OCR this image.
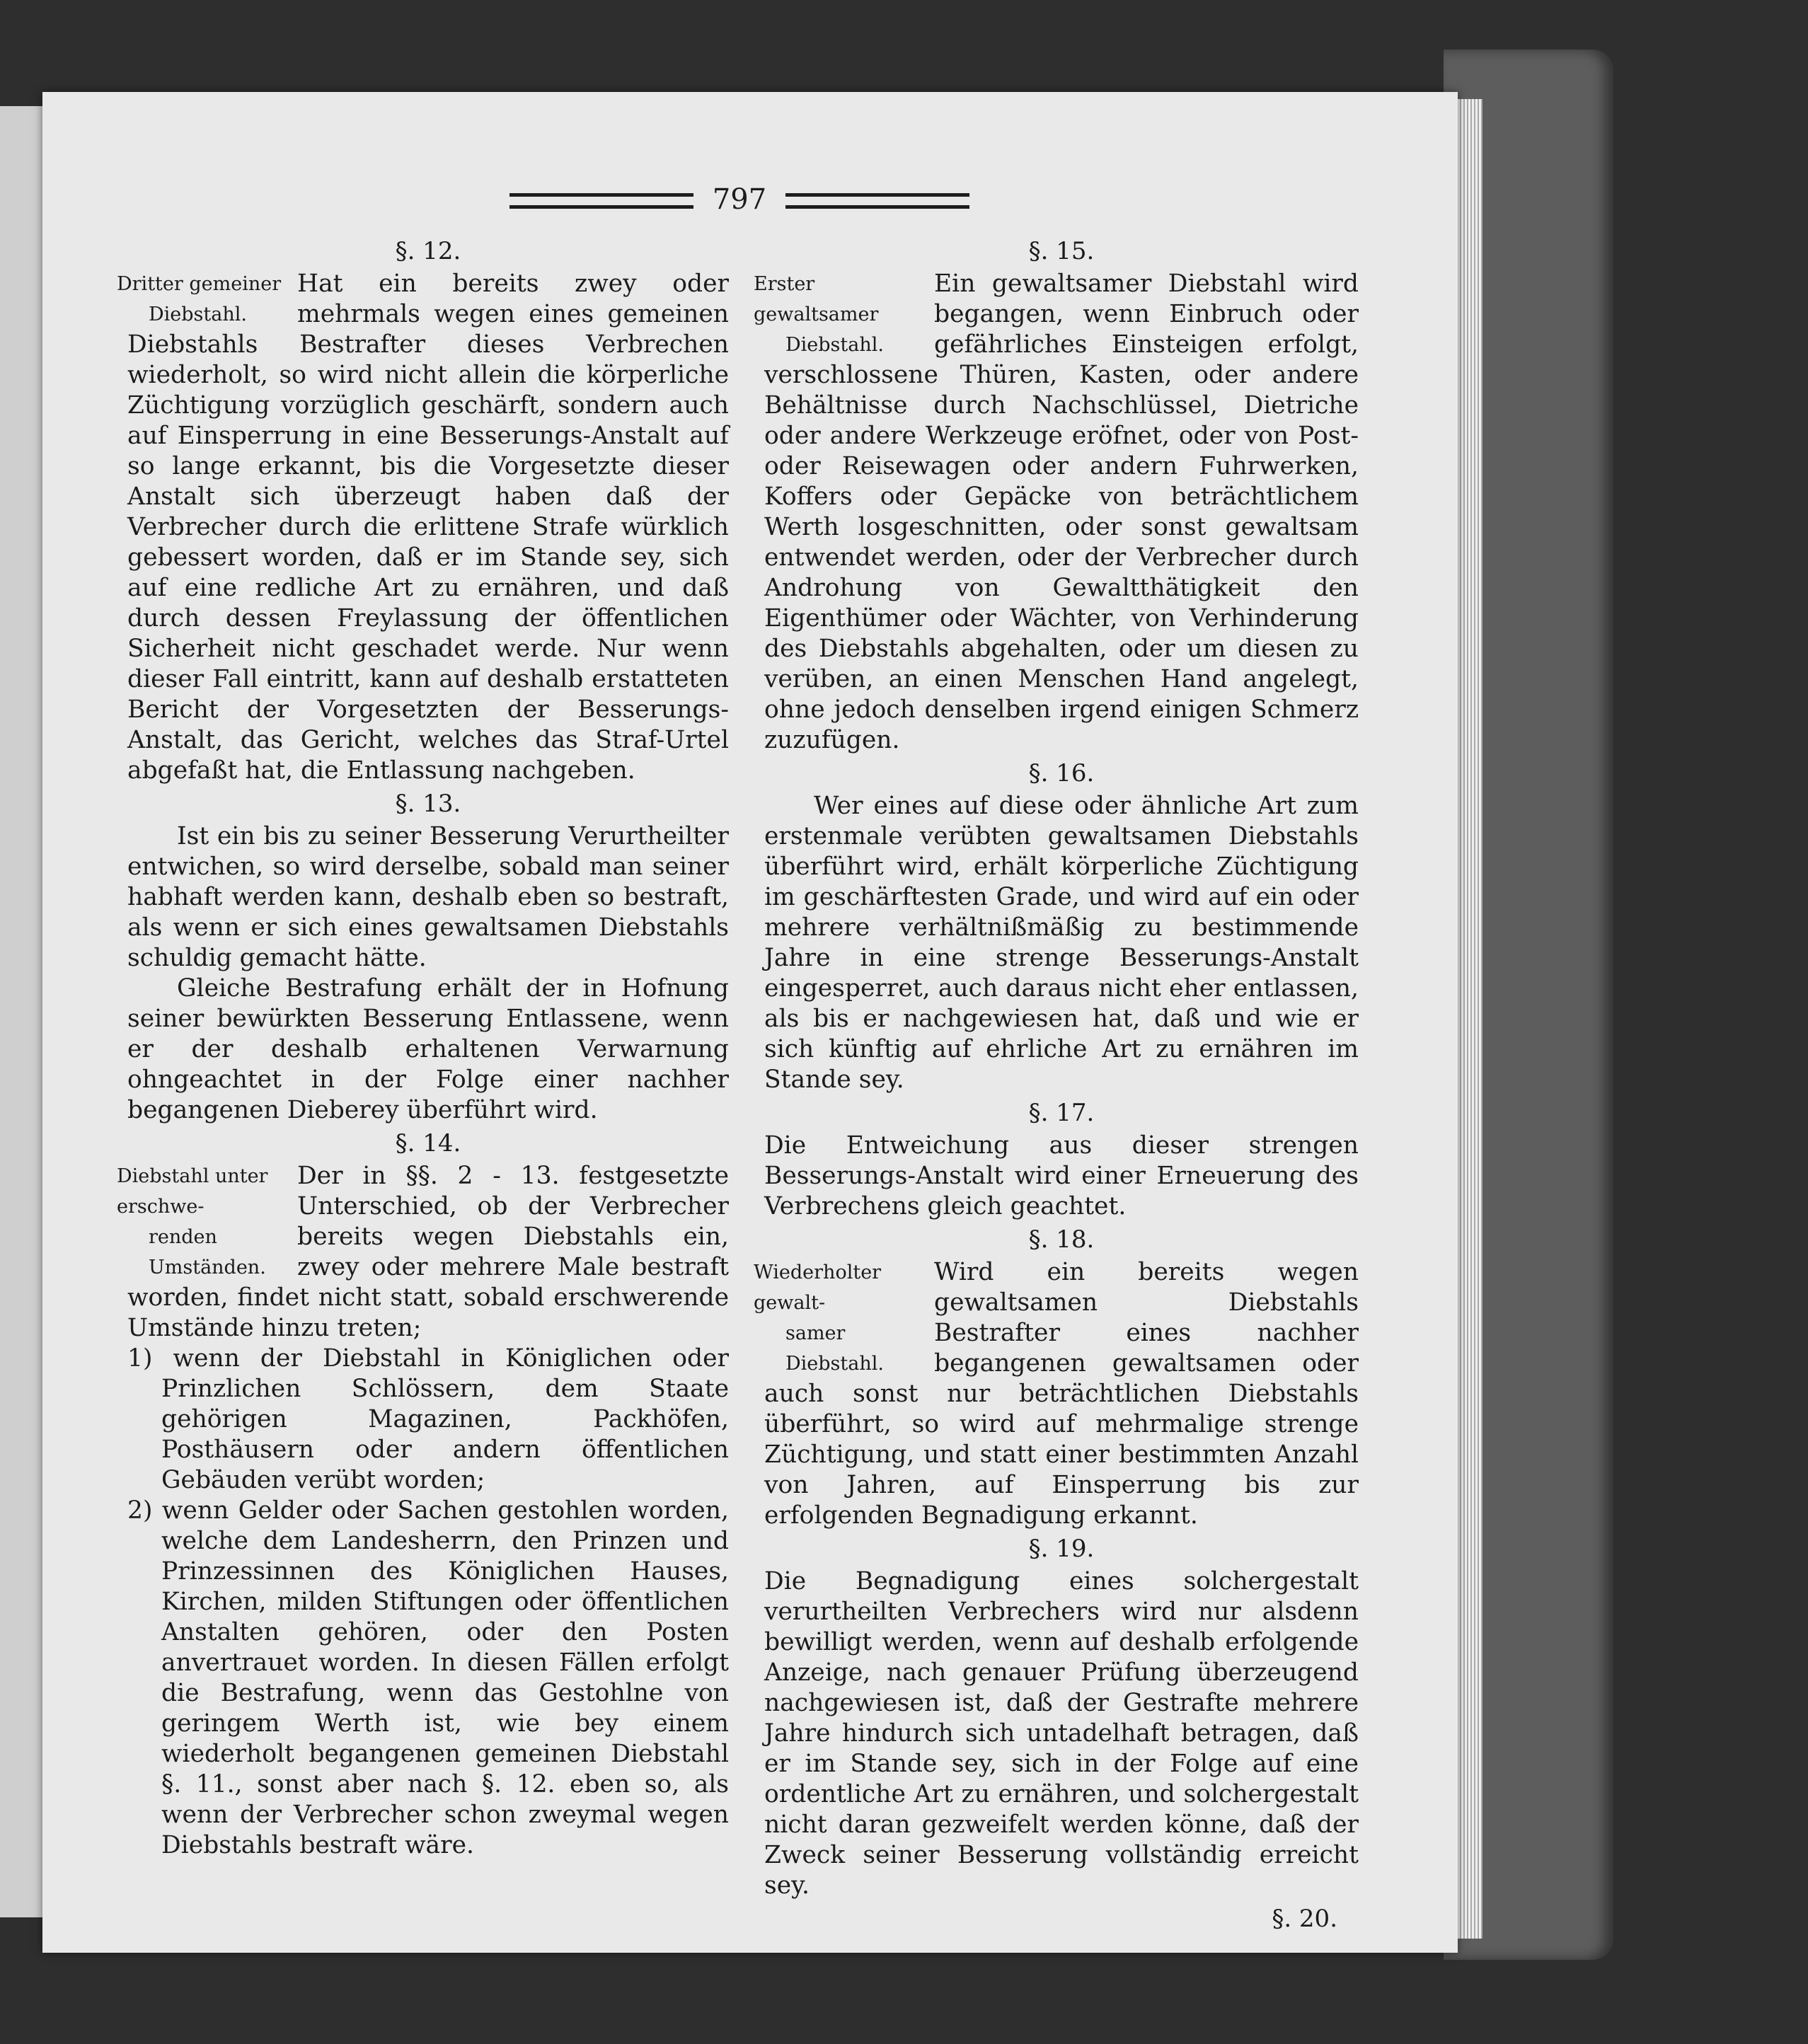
797
§. 12.
Dritter gemeiner
Diebstahl.

Hat ein bereits zwey oder mehrmals wegen eines gemeinen Diebstahls Bestrafter dieses Verbrechen wiederholt, so wird nicht allein die körperliche Züchtigung vorzüglich geschärft, sondern auch auf Einsperrung in eine Besserungs-Anstalt auf so lange erkannt, bis die Vorgesetzte dieser Anstalt sich überzeugt haben daß der Verbrecher durch die erlittene Strafe würklich gebessert worden, daß er im Stande sey, sich auf eine redliche Art zu ernähren, und daß durch dessen Freylassung der öffentlichen Sicherheit nicht geschadet werde. Nur wenn dieser Fall eintritt, kann auf deshalb erstatteten Bericht der Vorgesetzten der Besserungs-Anstalt, das Gericht, welches das Straf-Urtel abgefaßt hat, die Entlassung nachgeben.

§. 13.

Ist ein bis zu seiner Besserung Verurtheilter entwichen, so wird derselbe, sobald man seiner habhaft werden kann, deshalb eben so bestraft, als wenn er sich eines gewaltsamen Diebstahls schuldig gemacht hätte.

Gleiche Bestrafung erhält der in Hofnung seiner bewürkten Besserung Entlassene, wenn er der deshalb erhaltenen Verwarnung ohngeachtet in der Folge einer nachher begangenen Dieberey überführt wird.

§. 14.
Diebstahl unter erschwe-
renden Umständen.

Der in §§. 2 - 13. festgesetzte Unterschied, ob der Verbrecher bereits wegen Diebstahls ein, zwey oder mehrere Male bestraft worden, findet nicht statt, sobald erschwerende Umstände hinzu treten;

1) wenn der Diebstahl in Königlichen oder Prinzlichen Schlössern, dem Staate gehörigen Magazinen, Packhöfen, Posthäusern oder andern öffentlichen Gebäuden verübt worden;

2) wenn Gelder oder Sachen gestohlen worden, welche dem Landesherrn, den Prinzen und Prinzessinnen des Königlichen Hauses, Kirchen, milden Stiftungen oder öffentlichen Anstalten gehören, oder den Posten anvertrauet worden. In diesen Fällen erfolgt die Bestrafung, wenn das Gestohlne von geringem Werth ist, wie bey einem wiederholt begangenen gemeinen Diebstahl §. 11., sonst aber nach §. 12. eben so, als wenn der Verbrecher schon zweymal wegen Diebstahls bestraft wäre.

§. 15.
Erster gewaltsamer
Diebstahl.

Ein gewaltsamer Diebstahl wird begangen, wenn Einbruch oder gefährliches Einsteigen erfolgt, verschlossene Thüren, Kasten, oder andere Behältnisse durch Nachschlüssel, Dietriche oder andere Werkzeuge eröfnet, oder von Post- oder Reisewagen oder andern Fuhrwerken, Koffers oder Gepäcke von beträchtlichem Werth losgeschnitten, oder sonst gewaltsam entwendet werden, oder der Verbrecher durch Androhung von Gewaltthätigkeit den Eigenthümer oder Wächter, von Verhinderung des Diebstahls abgehalten, oder um diesen zu verüben, an einen Menschen Hand angelegt, ohne jedoch denselben irgend einigen Schmerz zuzufügen.

§. 16.

Wer eines auf diese oder ähnliche Art zum erstenmale verübten gewaltsamen Diebstahls überführt wird, erhält körperliche Züchtigung im geschärftesten Grade, und wird auf ein oder mehrere verhältnißmäßig zu bestimmende Jahre in eine strenge Besserungs-Anstalt eingesperret, auch daraus nicht eher entlassen, als bis er nachgewiesen hat, daß und wie er sich künftig auf ehrliche Art zu ernähren im Stande sey.

§. 17.

Die Entweichung aus dieser strengen Besserungs-Anstalt wird einer Erneuerung des Verbrechens gleich geachtet.

§. 18.
Wiederholter gewalt-
samer Diebstahl.

Wird ein bereits wegen gewaltsamen Diebstahls Bestrafter eines nachher begangenen gewaltsamen oder auch sonst nur beträchtlichen Diebstahls überführt, so wird auf mehrmalige strenge Züchtigung, und statt einer bestimmten Anzahl von Jahren, auf Einsperrung bis zur erfolgenden Begnadigung erkannt.

§. 19.

Die Begnadigung eines solchergestalt verurtheilten Verbrechers wird nur alsdenn bewilligt werden, wenn auf deshalb erfolgende Anzeige, nach genauer Prüfung überzeugend nachgewiesen ist, daß der Gestrafte mehrere Jahre hindurch sich untadelhaft betragen, daß er im Stande sey, sich in der Folge auf eine ordentliche Art zu ernähren, und solchergestalt nicht daran gezweifelt werden könne, daß der Zweck seiner Besserung vollständig erreicht sey.

§. 20.
